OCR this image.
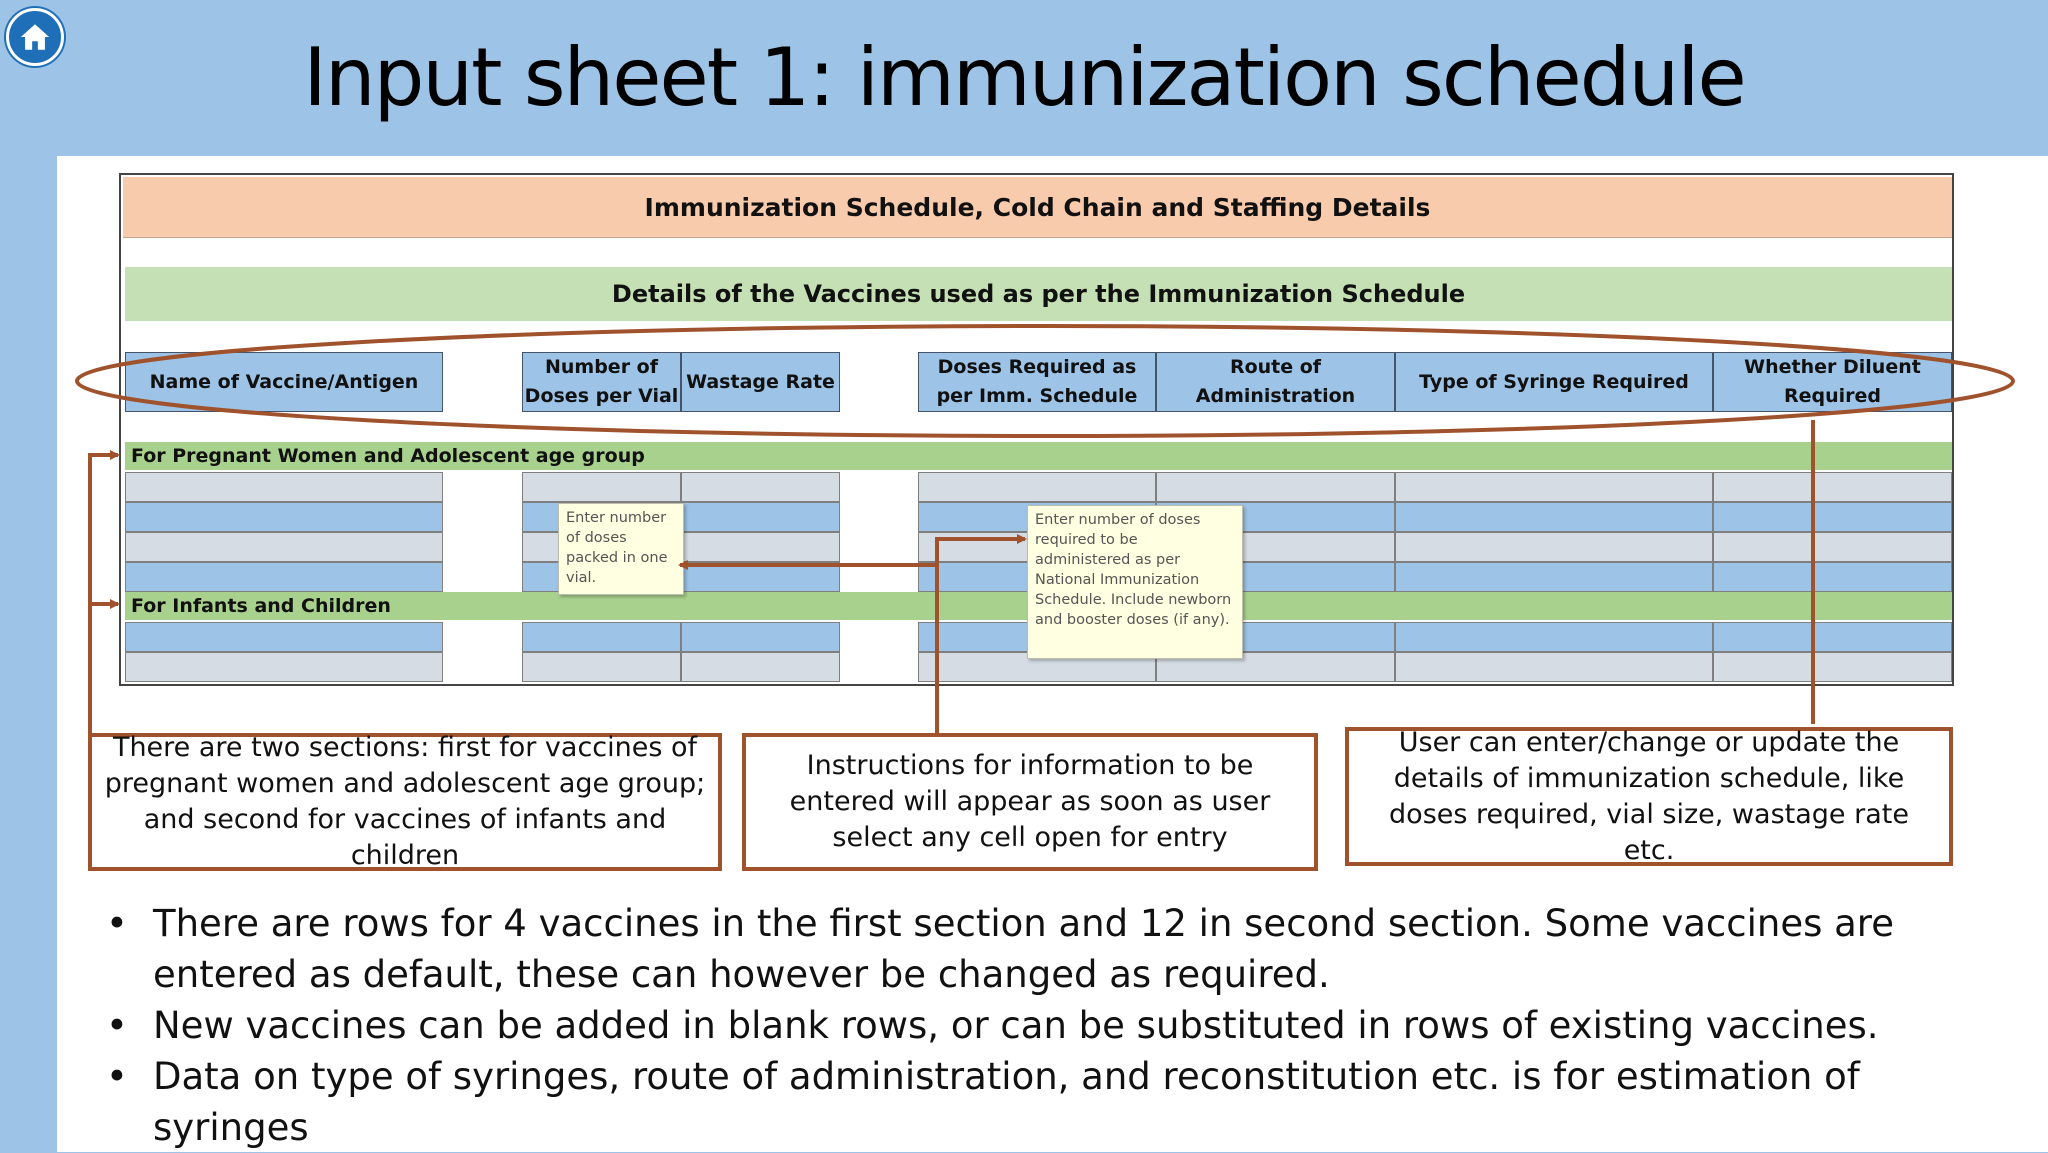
Input sheet 1: immunization schedule
Immunization Schedule, Cold Chain and Staffing Details
Details of the Vaccines used as per the Immunization Schedule
Name of Vaccine/Antigen
Number of Doses per Vial
Wastage Rate
Doses Required as per Imm. Schedule
Route of Administration
Type of Syringe Required
Whether Diluent Required
For Pregnant Women and Adolescent age group
For Infants and Children
Enter number of doses packed in one vial.
Enter number of doses required to be administered as per National Immunization Schedule. Include newborn and booster doses (if any).
There are two sections: first for vaccines of pregnant women and adolescent age group; and second for vaccines of infants and children
Instructions for information to be entered will appear as soon as user select any cell open for entry
User can enter/change or update the details of immunization schedule, like doses required, vial size, wastage rate etc.
• There are rows for 4 vaccines in the first section and 12 in second section. Some vaccines are entered as default, these can however be changed as required.
• New vaccines can be added in blank rows, or can be substituted in rows of existing vaccines.
• Data on type of syringes, route of administration, and reconstitution etc. is for estimation of syringes
